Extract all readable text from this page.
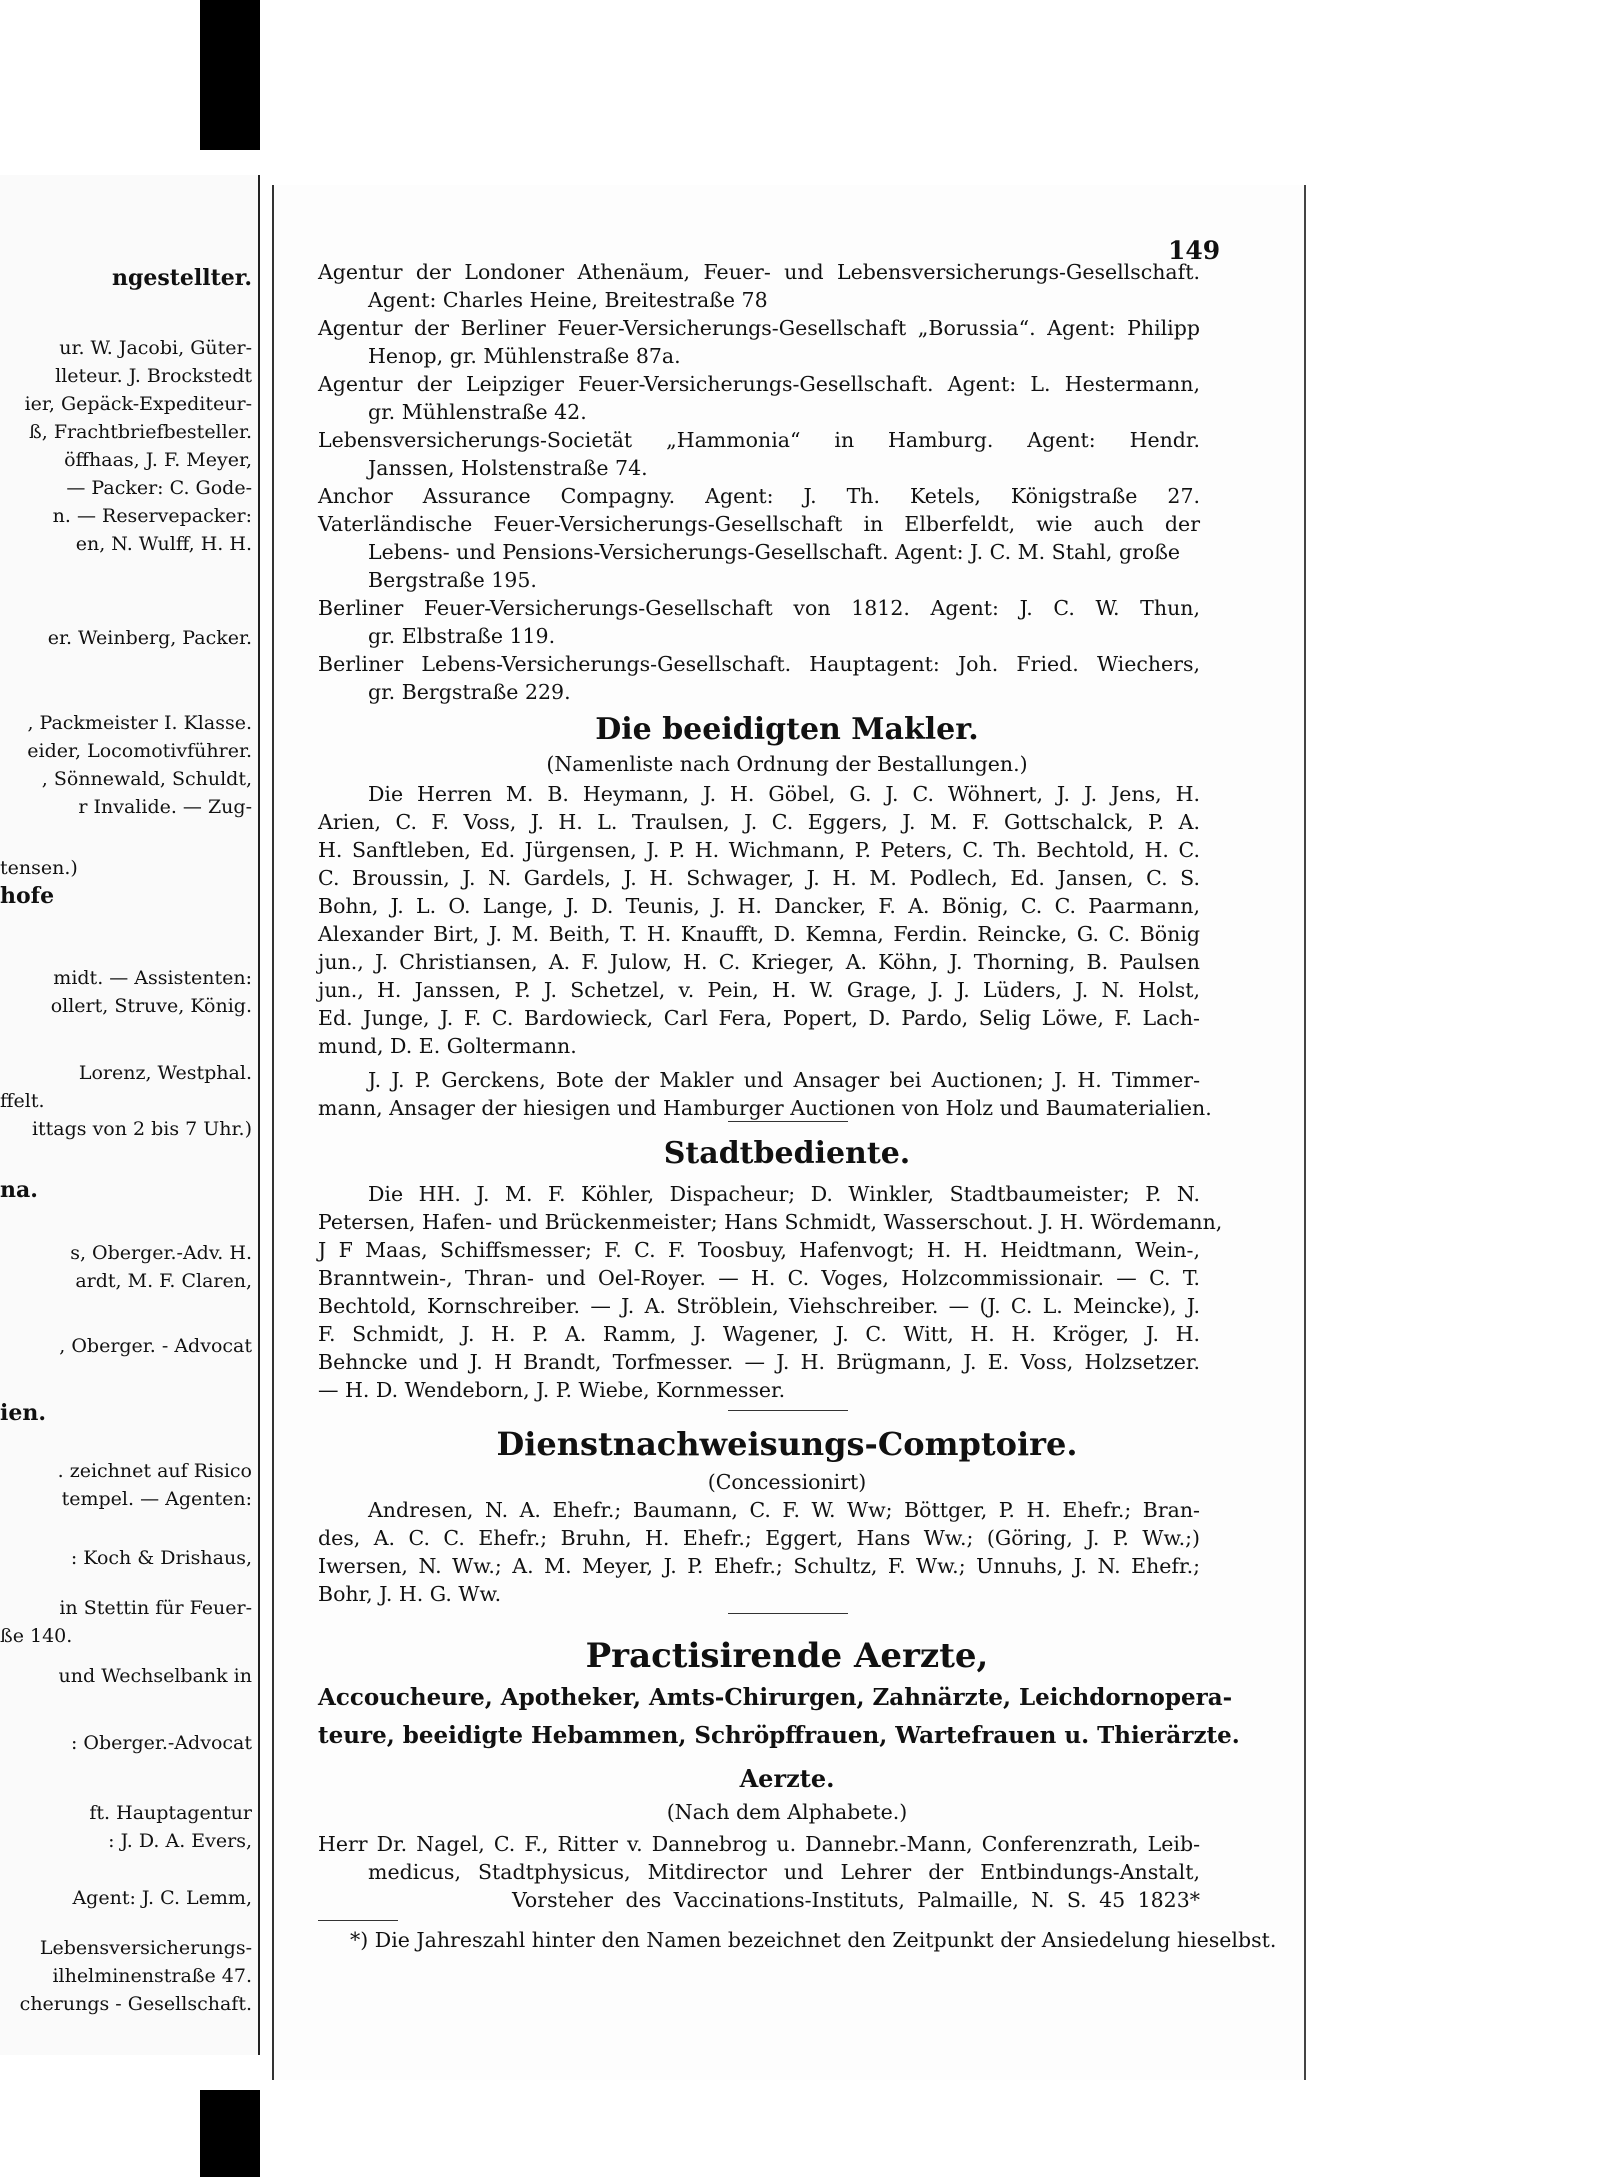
ngestellter.
ur. W. Jacobi, Güter-
lleteur. J. Brockstedt
ier, Gepäck-Expediteur-
ß, Frachtbriefbesteller.
öffhaas, J. F. Meyer,
— Packer: C. Gode-
n. — Reservepacker:
en, N. Wulff, H. H.
er. Weinberg, Packer.
, Packmeister I. Klasse.
eider, Locomotivführer.
, Sönnewald, Schuldt,
r Invalide. — Zug-
tensen.)
hofe
midt. — Assistenten:
ollert, Struve, König.
Lorenz, Westphal.
ffelt.
ittags von 2 bis 7 Uhr.)
na.
s, Oberger.-Adv. H.
ardt, M. F. Claren,
, Oberger. - Advocat
ien.
. zeichnet auf Risico
tempel. — Agenten:
: Koch & Drishaus,
in Stettin für Feuer-
ße 140.
und Wechselbank in
: Oberger.-Advocat
ft. Hauptagentur
: J. D. A. Evers,
Agent: J. C. Lemm,
Lebensversicherungs-
ilhelminenstraße 47.
cherungs - Gesellschaft.
149
Agentur der Londoner Athenäum, Feuer- und Lebensversicherungs-Gesellschaft.
Agent: Charles Heine, Breitestraße 78
Agentur der Berliner Feuer-Versicherungs-Gesellschaft „Borussia“. Agent: Philipp
Henop, gr. Mühlenstraße 87a.
Agentur der Leipziger Feuer-Versicherungs-Gesellschaft. Agent: L. Hestermann,
gr. Mühlenstraße 42.
Lebensversicherungs-Societät „Hammonia“ in Hamburg. Agent: Hendr.
Janssen, Holstenstraße 74.
Anchor Assurance Compagny. Agent: J. Th. Ketels, Königstraße 27.
Vaterländische Feuer-Versicherungs-Gesellschaft in Elberfeldt, wie auch der
Lebens- und Pensions-Versicherungs-Gesellschaft. Agent: J. C. M. Stahl, große
Bergstraße 195.
Berliner Feuer-Versicherungs-Gesellschaft von 1812. Agent: J. C. W. Thun,
gr. Elbstraße 119.
Berliner Lebens-Versicherungs-Gesellschaft. Hauptagent: Joh. Fried. Wiechers,
gr. Bergstraße 229.
Die beeidigten Makler.
(Namenliste nach Ordnung der Bestallungen.)
Die Herren M. B. Heymann, J. H. Göbel, G. J. C. Wöhnert, J. J. Jens, H.
Arien, C. F. Voss, J. H. L. Traulsen, J. C. Eggers, J. M. F. Gottschalck, P. A.
H. Sanftleben, Ed. Jürgensen, J. P. H. Wichmann, P. Peters, C. Th. Bechtold, H. C.
C. Broussin, J. N. Gardels, J. H. Schwager, J. H. M. Podlech, Ed. Jansen, C. S.
Bohn, J. L. O. Lange, J. D. Teunis, J. H. Dancker, F. A. Bönig, C. C. Paarmann,
Alexander Birt, J. M. Beith, T. H. Knaufft, D. Kemna, Ferdin. Reincke, G. C. Bönig
jun., J. Christiansen, A. F. Julow, H. C. Krieger, A. Köhn, J. Thorning, B. Paulsen
jun., H. Janssen, P. J. Schetzel, v. Pein, H. W. Grage, J. J. Lüders, J. N. Holst,
Ed. Junge, J. F. C. Bardowieck, Carl Fera, Popert, D. Pardo, Selig Löwe, F. Lach-
mund, D. E. Goltermann.
J. J. P. Gerckens, Bote der Makler und Ansager bei Auctionen; J. H. Timmer-
mann, Ansager der hiesigen und Hamburger Auctionen von Holz und Baumaterialien.
Stadtbediente.
Die HH. J. M. F. Köhler, Dispacheur; D. Winkler, Stadtbaumeister; P. N.
Petersen, Hafen- und Brückenmeister; Hans Schmidt, Wasserschout. J. H. Wördemann,
J F Maas, Schiffsmesser; F. C. F. Toosbuy, Hafenvogt; H. H. Heidtmann, Wein-,
Branntwein-, Thran- und Oel-Royer. — H. C. Voges, Holzcommissionair. — C. T.
Bechtold, Kornschreiber. — J. A. Ströblein, Viehschreiber. — (J. C. L. Meincke), J.
F. Schmidt, J. H. P. A. Ramm, J. Wagener, J. C. Witt, H. H. Kröger, J. H.
Behncke und J. H Brandt, Torfmesser. — J. H. Brügmann, J. E. Voss, Holzsetzer.
— H. D. Wendeborn, J. P. Wiebe, Kornmesser.
Dienstnachweisungs-Comptoire.
(Concessionirt)
Andresen, N. A. Ehefr.; Baumann, C. F. W. Ww; Böttger, P. H. Ehefr.; Bran-
des, A. C. C. Ehefr.; Bruhn, H. Ehefr.; Eggert, Hans Ww.; (Göring, J. P. Ww.;)
Iwersen, N. Ww.; A. M. Meyer, J. P. Ehefr.; Schultz, F. Ww.; Unnuhs, J. N. Ehefr.;
Bohr, J. H. G. Ww.
Practisirende Aerzte,
Accoucheure, Apotheker, Amts-Chirurgen, Zahnärzte, Leichdornopera-
teure, beeidigte Hebammen, Schröpffrauen, Wartefrauen u. Thierärzte.
Aerzte.
(Nach dem Alphabete.)
Herr Dr. Nagel, C. F., Ritter v. Dannebrog u. Dannebr.-Mann, Conferenzrath, Leib-
medicus, Stadtphysicus, Mitdirector und Lehrer der Entbindungs-Anstalt,
Vorsteher des Vaccinations-Instituts, Palmaille, N. S. 45 1823*
*) Die Jahreszahl hinter den Namen bezeichnet den Zeitpunkt der Ansiedelung hieselbst.
